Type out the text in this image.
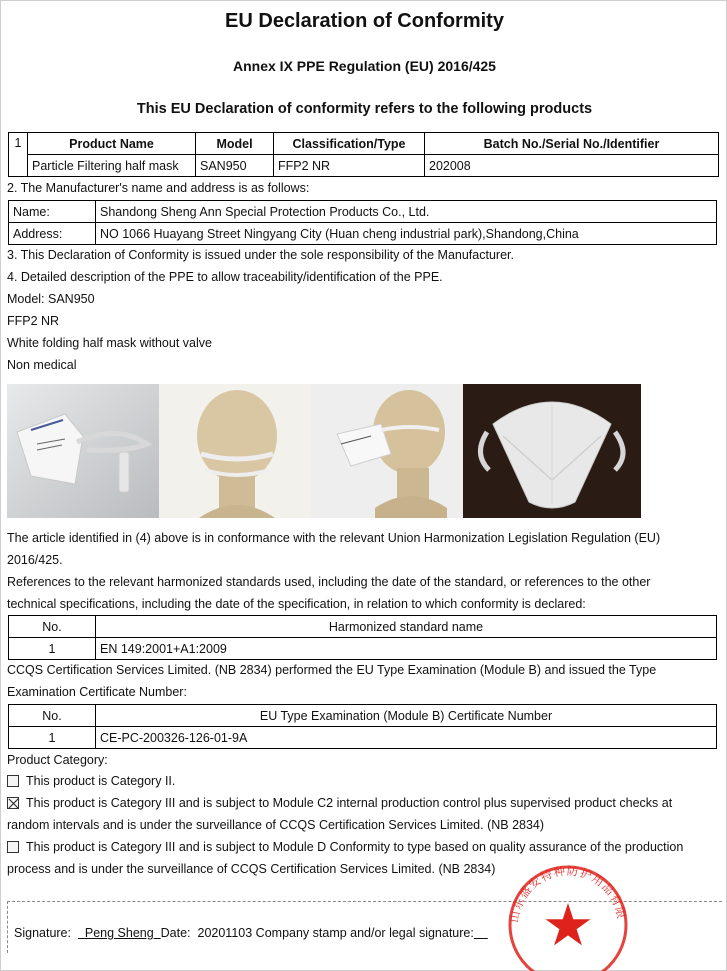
EU Declaration of Conformity
Annex IX PPE Regulation (EU) 2016/425
This EU Declaration of conformity refers to the following products
1	Product Name	Model	Classification/Type	Batch No./Serial No./Identifier
	Particle Filtering half mask	SAN950	FFP2 NR	202008
2. The Manufacturer's name and address is as follows:
Name:	Shandong Sheng Ann Special Protection Products Co., Ltd.
Address:	NO 1066 Huayang Street Ningyang City (Huan cheng industrial park),Shandong,China
3. This Declaration of Conformity is issued under the sole responsibility of the Manufacturer.
4. Detailed description of the PPE to allow traceability/identification of the PPE.
Model: SAN950
FFP2 NR
White folding half mask without valve
Non medical
The article identified in (4) above is in conformance with the relevant Union Harmonization Legislation Regulation (EU)
2016/425.
References to the relevant harmonized standards used, including the date of the standard, or references to the other
technical specifications, including the date of the specification, in relation to which conformity is declared:
No.	Harmonized standard name
1	EN 149:2001+A1:2009
CCQS Certification Services Limited. (NB 2834) performed the EU Type Examination (Module B) and issued the Type
Examination Certificate Number:
No.	EU Type Examination (Module B) Certificate Number
1	CE-PC-200326-126-01-9A
Product Category:
This product is Category II.
This product is Category III and is subject to Module C2 internal production control plus supervised product checks at
random intervals and is under the surveillance of CCQS Certification Services Limited. (NB 2834)
This product is Category III and is subject to Module D Conformity to type based on quality assurance of the production
process and is under the surveillance of CCQS Certification Services Limited. (NB 2834)
Signature: Peng Sheng Date: 20201103 Company stamp and/or legal signature:
山东盛安特种防护用品有限
